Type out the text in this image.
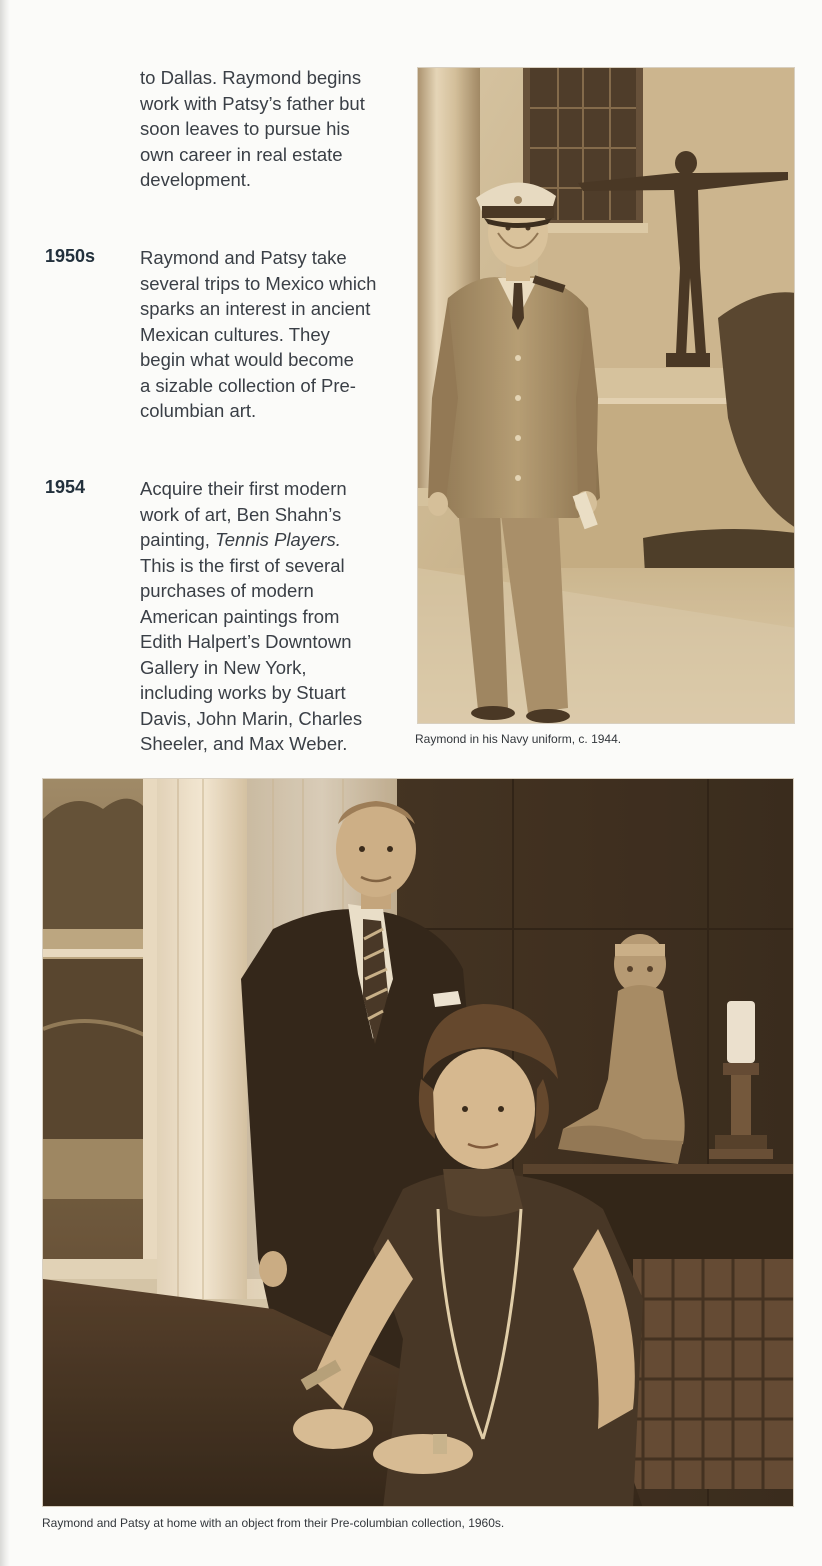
to Dallas. Raymond begins
work with Patsy’s father but
soon leaves to pursue his
own career in real estate
development.
1950s Raymond and Patsy take
several trips to Mexico which
sparks an interest in ancient
Mexican cultures. They
begin what would become
a sizable collection of Pre-
columbian art.
1954	Acquire their first modern
work of art, Ben Shahn’s
painting, Tennis Players.
This is the first of several
purchases of modern
American paintings from
Edith Halpert’s Downtown
Gallery in New York,
including works by Stuart
Davis, John Marin, Charles
Sheeler, and Max Weber.	Raymond in his Navy uniform, c. 1944.
Raymond and Patsy at home with an object from their Pre-columbian collection, 1960s.
